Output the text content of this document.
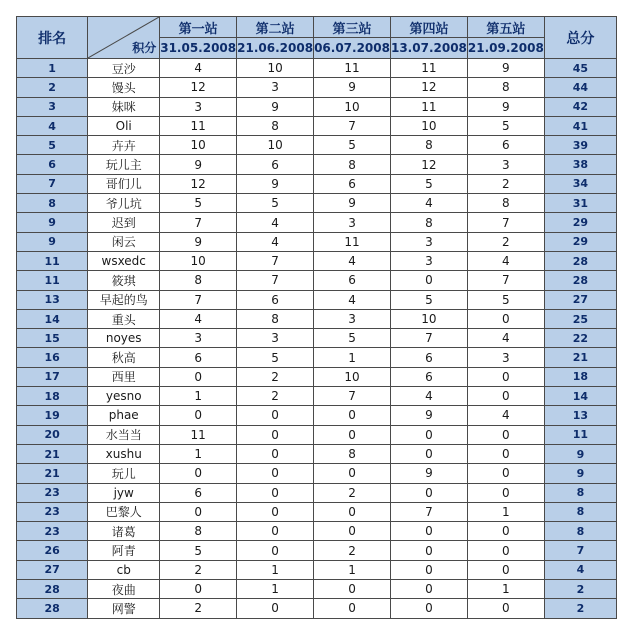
排名	积分	第一站	第二站	第三站	第四站	第五站	总分
		31.05.2008	21.06.2008	06.07.2008	13.07.2008	21.09.2008	
1	豆沙	4	10	11	11	9	45
2	馒头	12	3	9	12	8	44
3	妹咪	3	9	10	11	9	42
4	Oli	11	8	7	10	5	41
5	卉卉	10	10	5	8	6	39
6	玩儿主	9	6	8	12	3	38
7	哥们儿	12	9	6	5	2	34
8	爷儿坑	5	5	9	4	8	31
9	迟到	7	4	3	8	7	29
9	闲云	9	4	11	3	2	29
11	wsxedc	10	7	4	3	4	28
11	筱琪	8	7	6	0	7	28
13	早起的鸟	7	6	4	5	5	27
14	重头	4	8	3	10	0	25
15	noyes	3	3	5	7	4	22
16	秋高	6	5	1	6	3	21
17	西里	0	2	10	6	0	18
18	yesno	1	2	7	4	0	14
19	phae	0	0	0	9	4	13
20	水当当	11	0	0	0	0	11
21	xushu	1	0	8	0	0	9
21	玩儿	0	0	0	9	0	9
23	jyw	6	0	2	0	0	8
23	巴黎人	0	0	0	7	1	8
23	诸葛	8	0	0	0	0	8
26	阿青	5	0	2	0	0	7
27	cb	2	1	1	0	0	4
28	夜曲	0	1	0	0	1	2
28	网警	2	0	0	0	0	2
